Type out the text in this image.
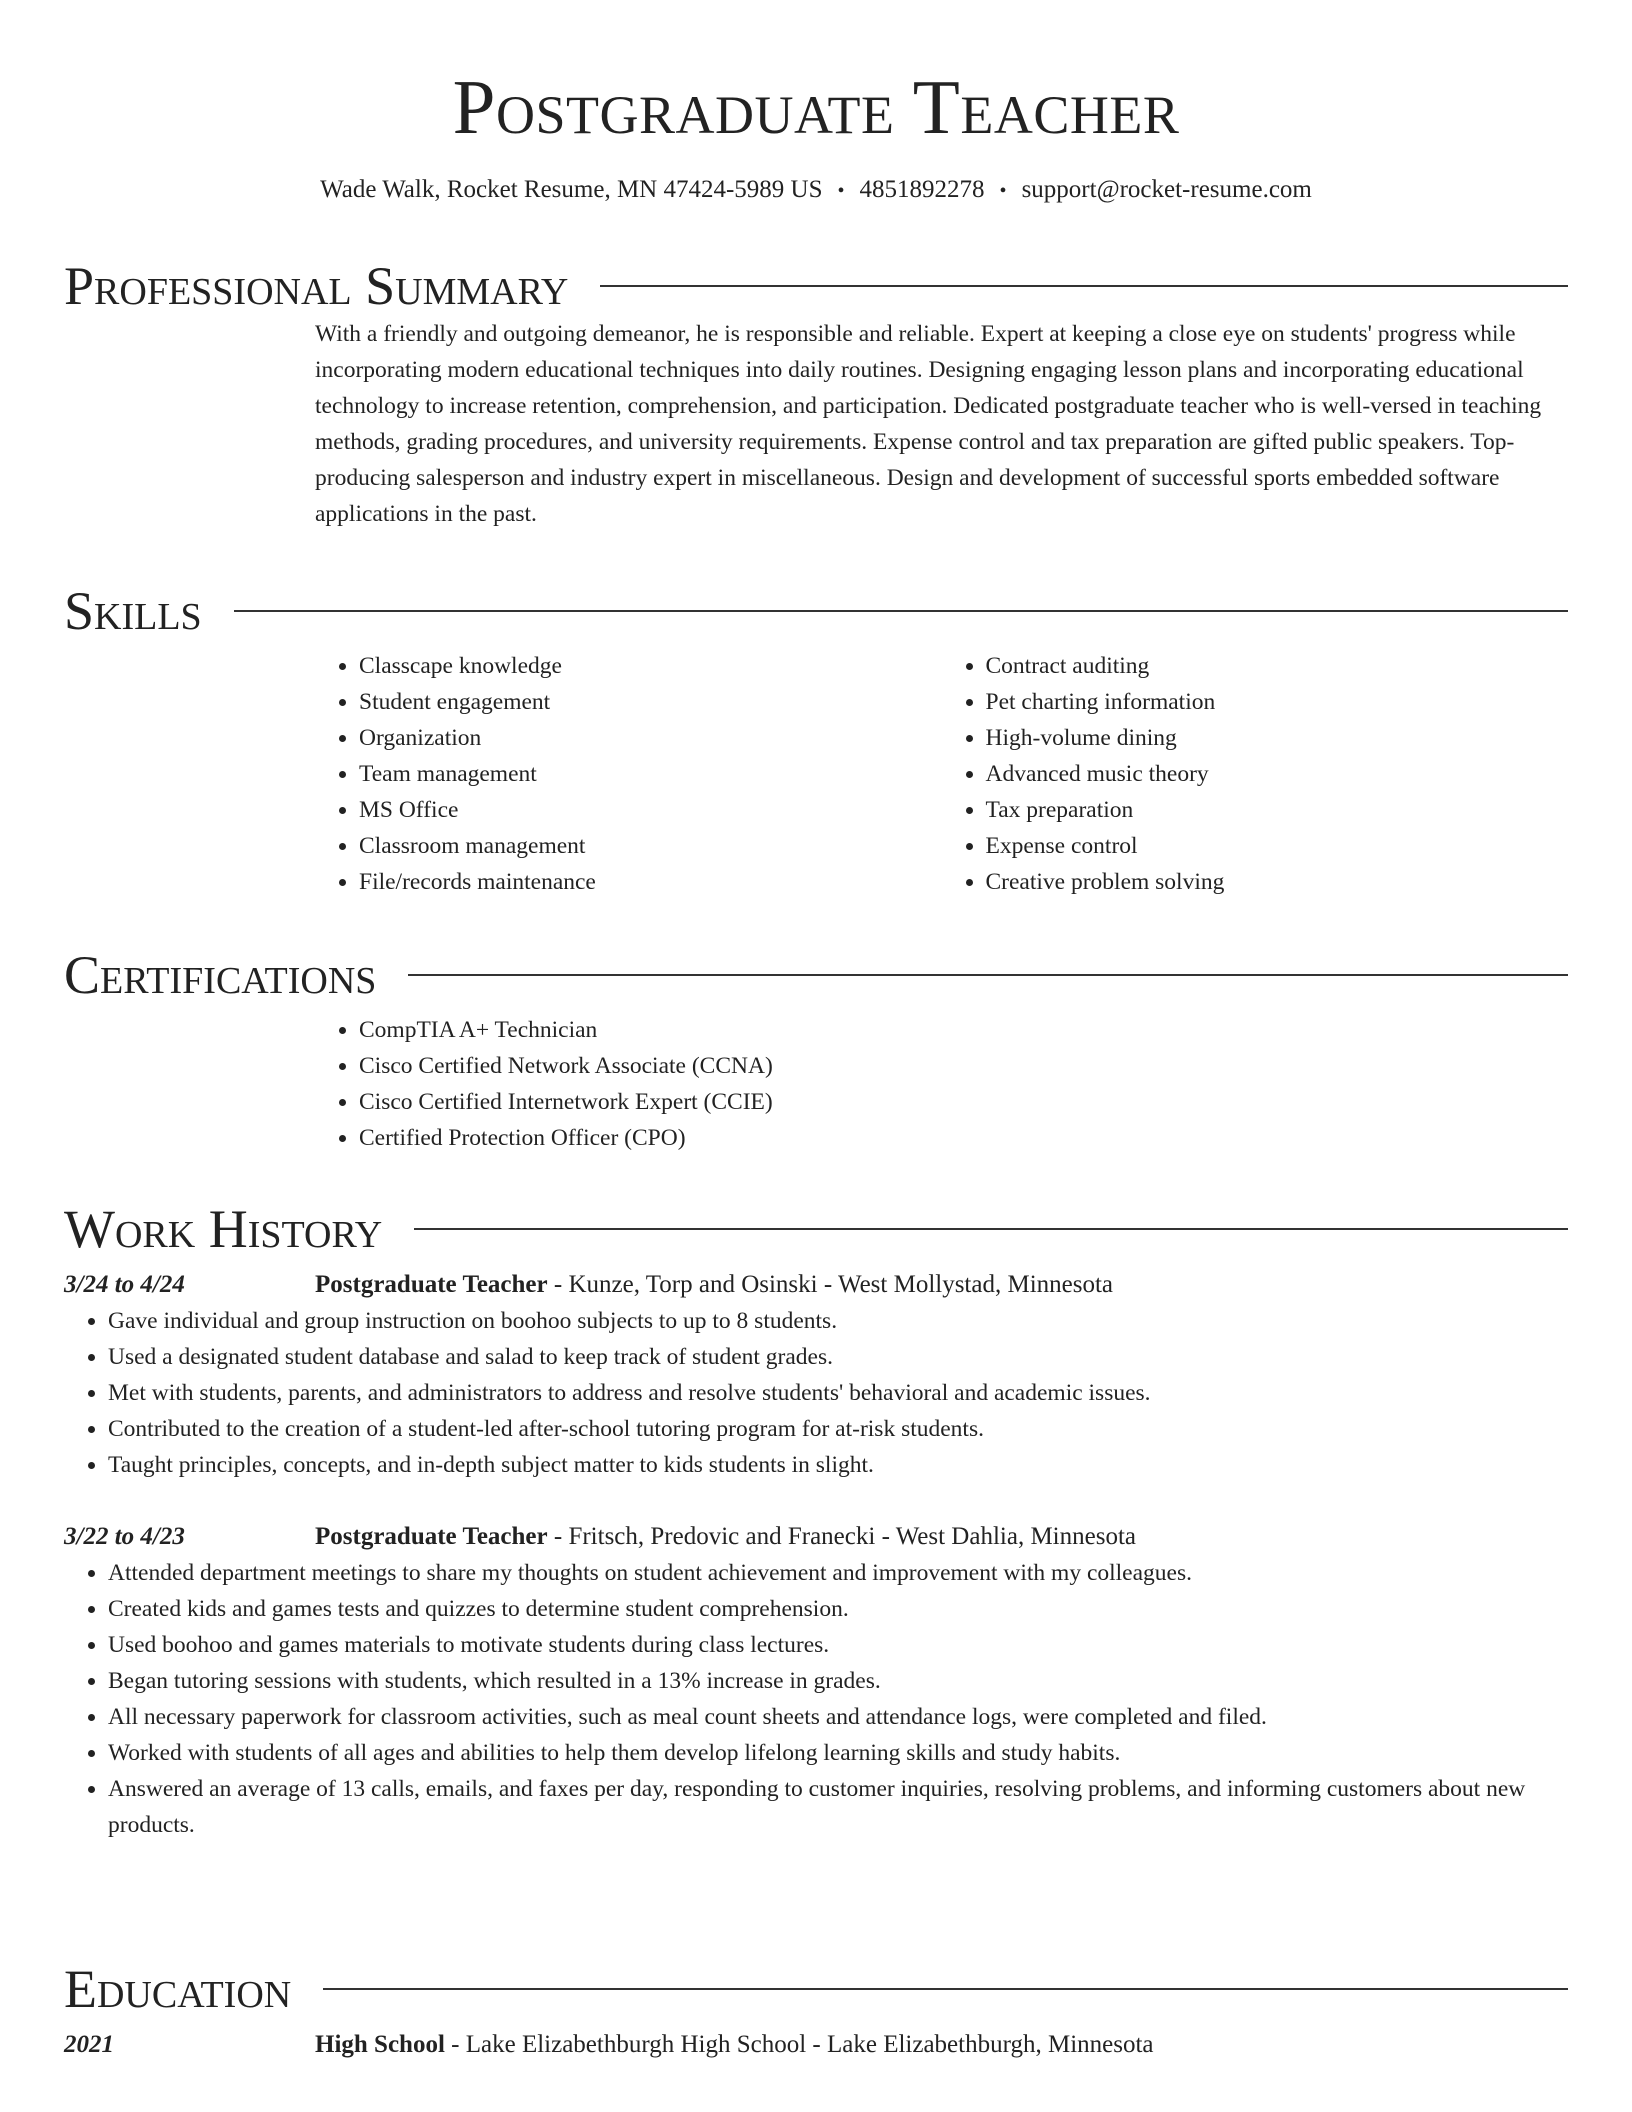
Postgraduate Teacher

Wade Walk, Rocket Resume, MN 47424-5989 US • 4851892278 • support@rocket-resume.com

Professional Summary

With a friendly and outgoing demeanor, he is responsible and reliable. Expert at keeping a close eye on students' progress while incorporating modern educational techniques into daily routines. Designing engaging lesson plans and incorporating educational technology to increase retention, comprehension, and participation. Dedicated postgraduate teacher who is well-versed in teaching methods, grading procedures, and university requirements. Expense control and tax preparation are gifted public speakers. Top-producing salesperson and industry expert in miscellaneous. Design and development of successful sports embedded software applications in the past.

Skills
• Classcape knowledge
• Student engagement
• Organization
• Team management
• MS Office
• Classroom management
• File/records maintenance
• Contract auditing
• Pet charting information
• High-volume dining
• Advanced music theory
• Tax preparation
• Expense control
• Creative problem solving
Certifications
• CompTIA A+ Technician
• Cisco Certified Network Associate (CCNA)
• Cisco Certified Internetwork Expert (CCIE)
• Certified Protection Officer (CPO)
Work History
3/24 to 4/24	Postgraduate Teacher - Kunze, Torp and Osinski - West Mollystad, Minnesota
• Gave individual and group instruction on boohoo subjects to up to 8 students.
• Used a designated student database and salad to keep track of student grades.
• Met with students, parents, and administrators to address and resolve students' behavioral and academic issues.
• Contributed to the creation of a student-led after-school tutoring program for at-risk students.
• Taught principles, concepts, and in-depth subject matter to kids students in slight.
3/22 to 4/23	Postgraduate Teacher - Fritsch, Predovic and Franecki - West Dahlia, Minnesota
• Attended department meetings to share my thoughts on student achievement and improvement with my colleagues.
• Created kids and games tests and quizzes to determine student comprehension.
• Used boohoo and games materials to motivate students during class lectures.
• Began tutoring sessions with students, which resulted in a 13% increase in grades.
• All necessary paperwork for classroom activities, such as meal count sheets and attendance logs, were completed and filed.
• Worked with students of all ages and abilities to help them develop lifelong learning skills and study habits.
• Answered an average of 13 calls, emails, and faxes per day, responding to customer inquiries, resolving problems, and informing customers about new products.
Education
2021	High School - Lake Elizabethburgh High School - Lake Elizabethburgh, Minnesota
